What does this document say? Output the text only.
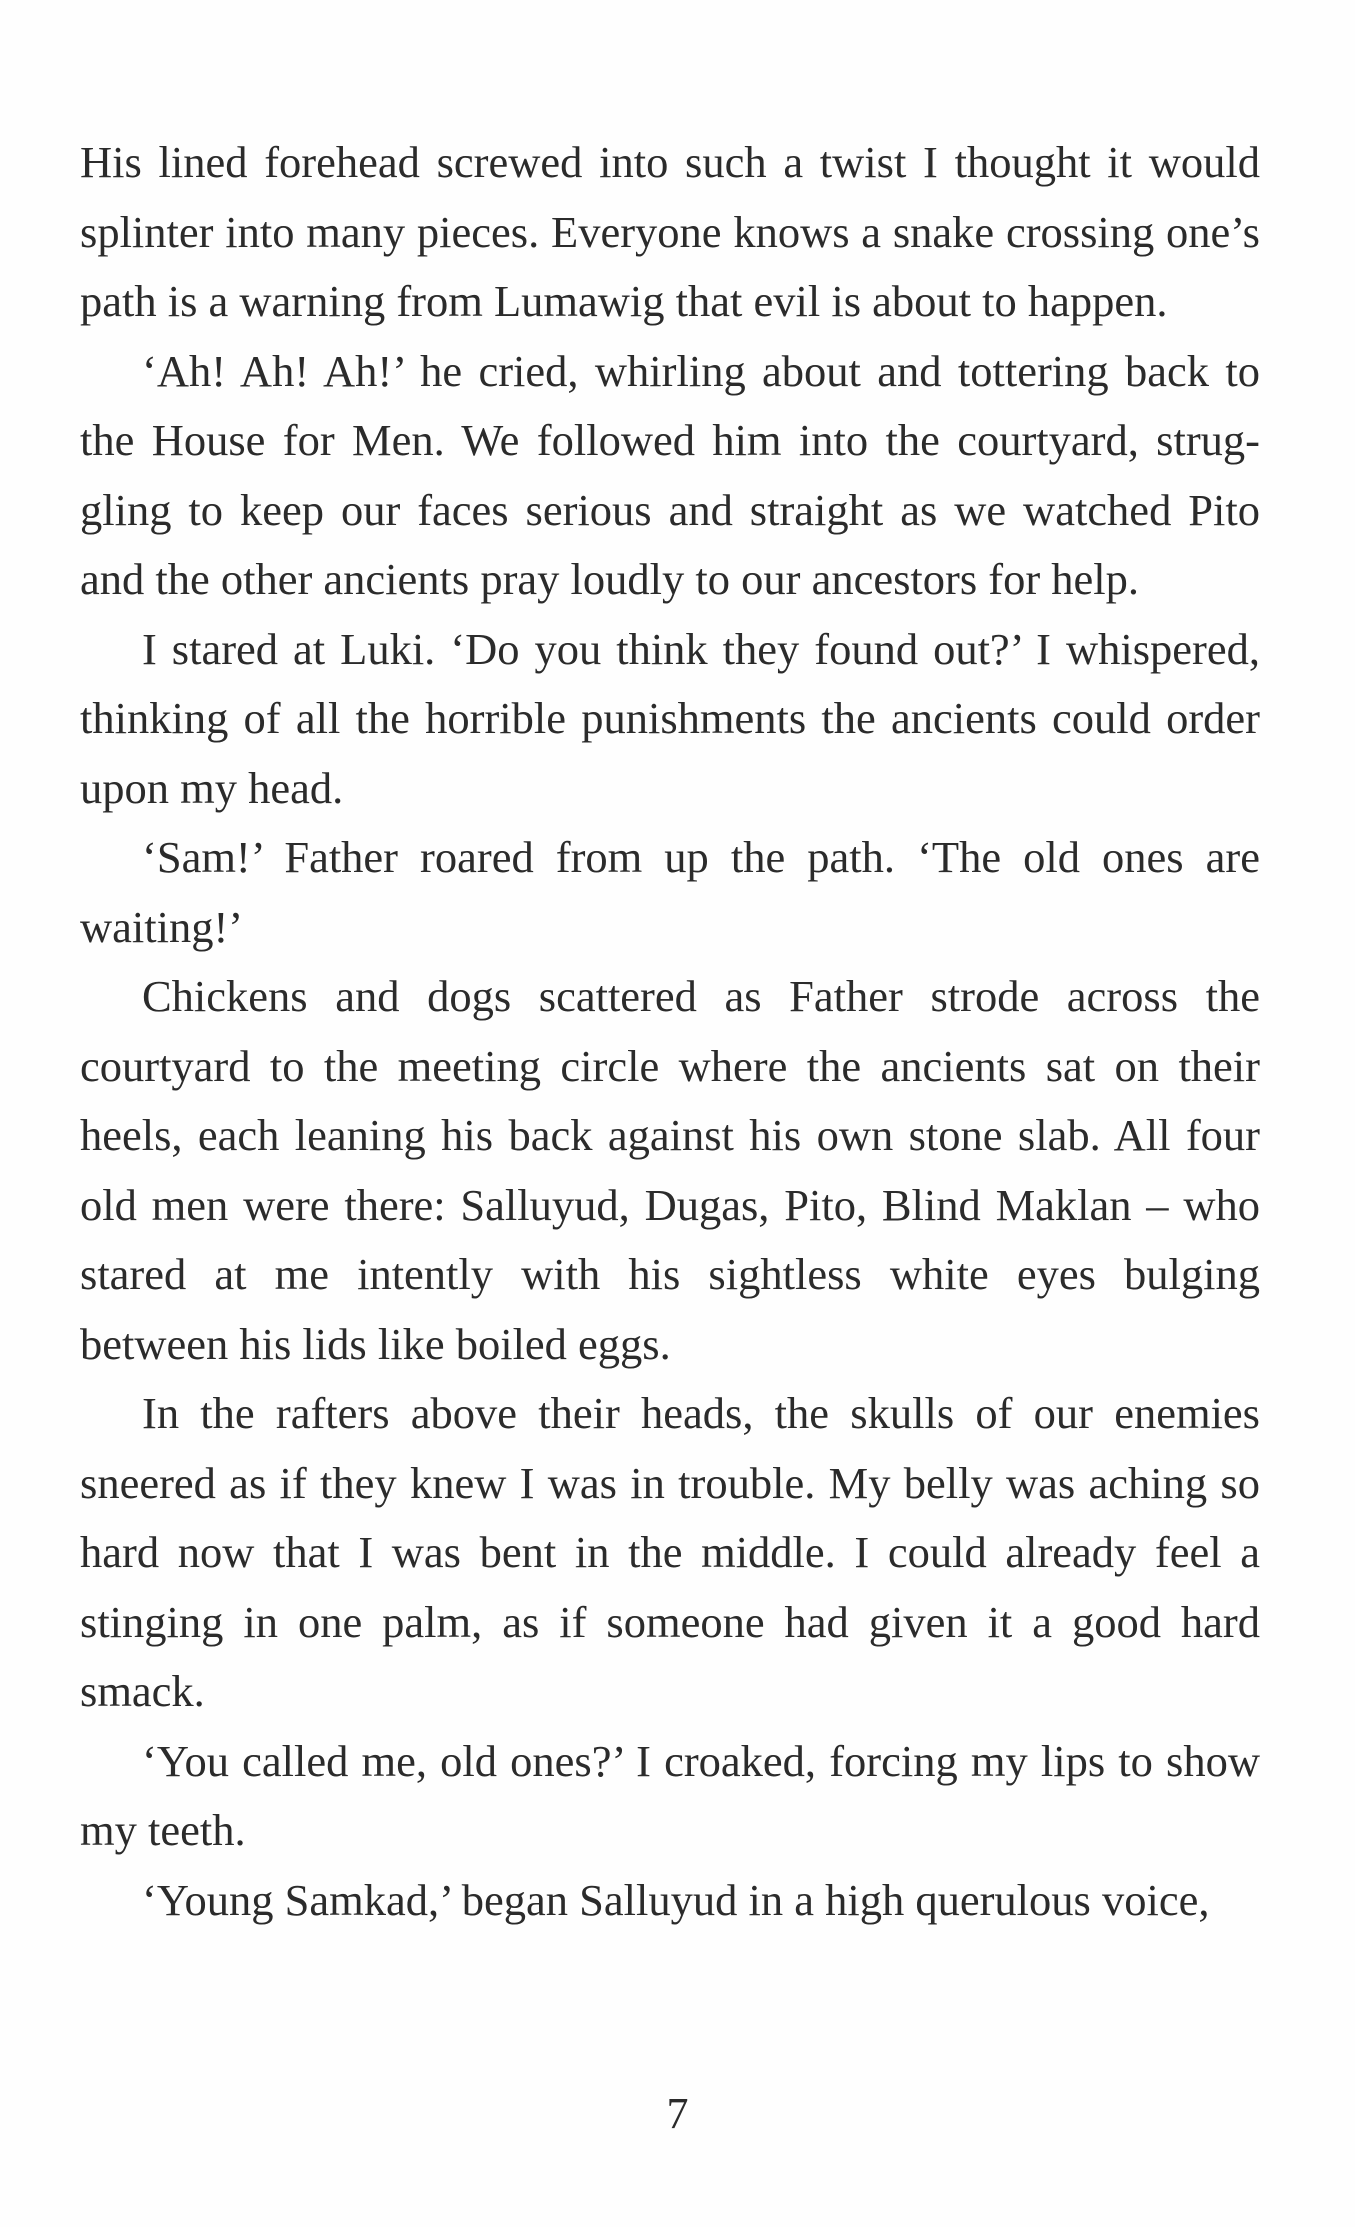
His lined forehead screwed into such a twist I thought it would splinter into many pieces. Everyone knows a snake crossing one’s path is a warning from Lumawig that evil is about to happen.

‘Ah! Ah! Ah!’ he cried, whirling about and tottering back to the House for Men. We followed him into the courtyard, struggling to keep our faces serious and straight as we watched Pito and the other ancients pray loudly to our ancestors for help.

I stared at Luki. ‘Do you think they found out?’ I whispered, thinking of all the horrible punishments the ancients could order upon my head.

‘Sam!’ Father roared from up the path. ‘The old ones are waiting!’

Chickens and dogs scattered as Father strode across the courtyard to the meeting circle where the ancients sat on their heels, each leaning his back against his own stone slab. All four old men were there: Salluyud, Dugas, Pito, Blind Maklan – who stared at me intently with his sightless white eyes bulging between his lids like boiled eggs.

In the rafters above their heads, the skulls of our enemies sneered as if they knew I was in trouble. My belly was aching so hard now that I was bent in the middle. I could already feel a stinging in one palm, as if someone had given it a good hard smack.

‘You called me, old ones?’ I croaked, forcing my lips to show my teeth.

‘Young Samkad,’ began Salluyud in a high querulous voice,

7
